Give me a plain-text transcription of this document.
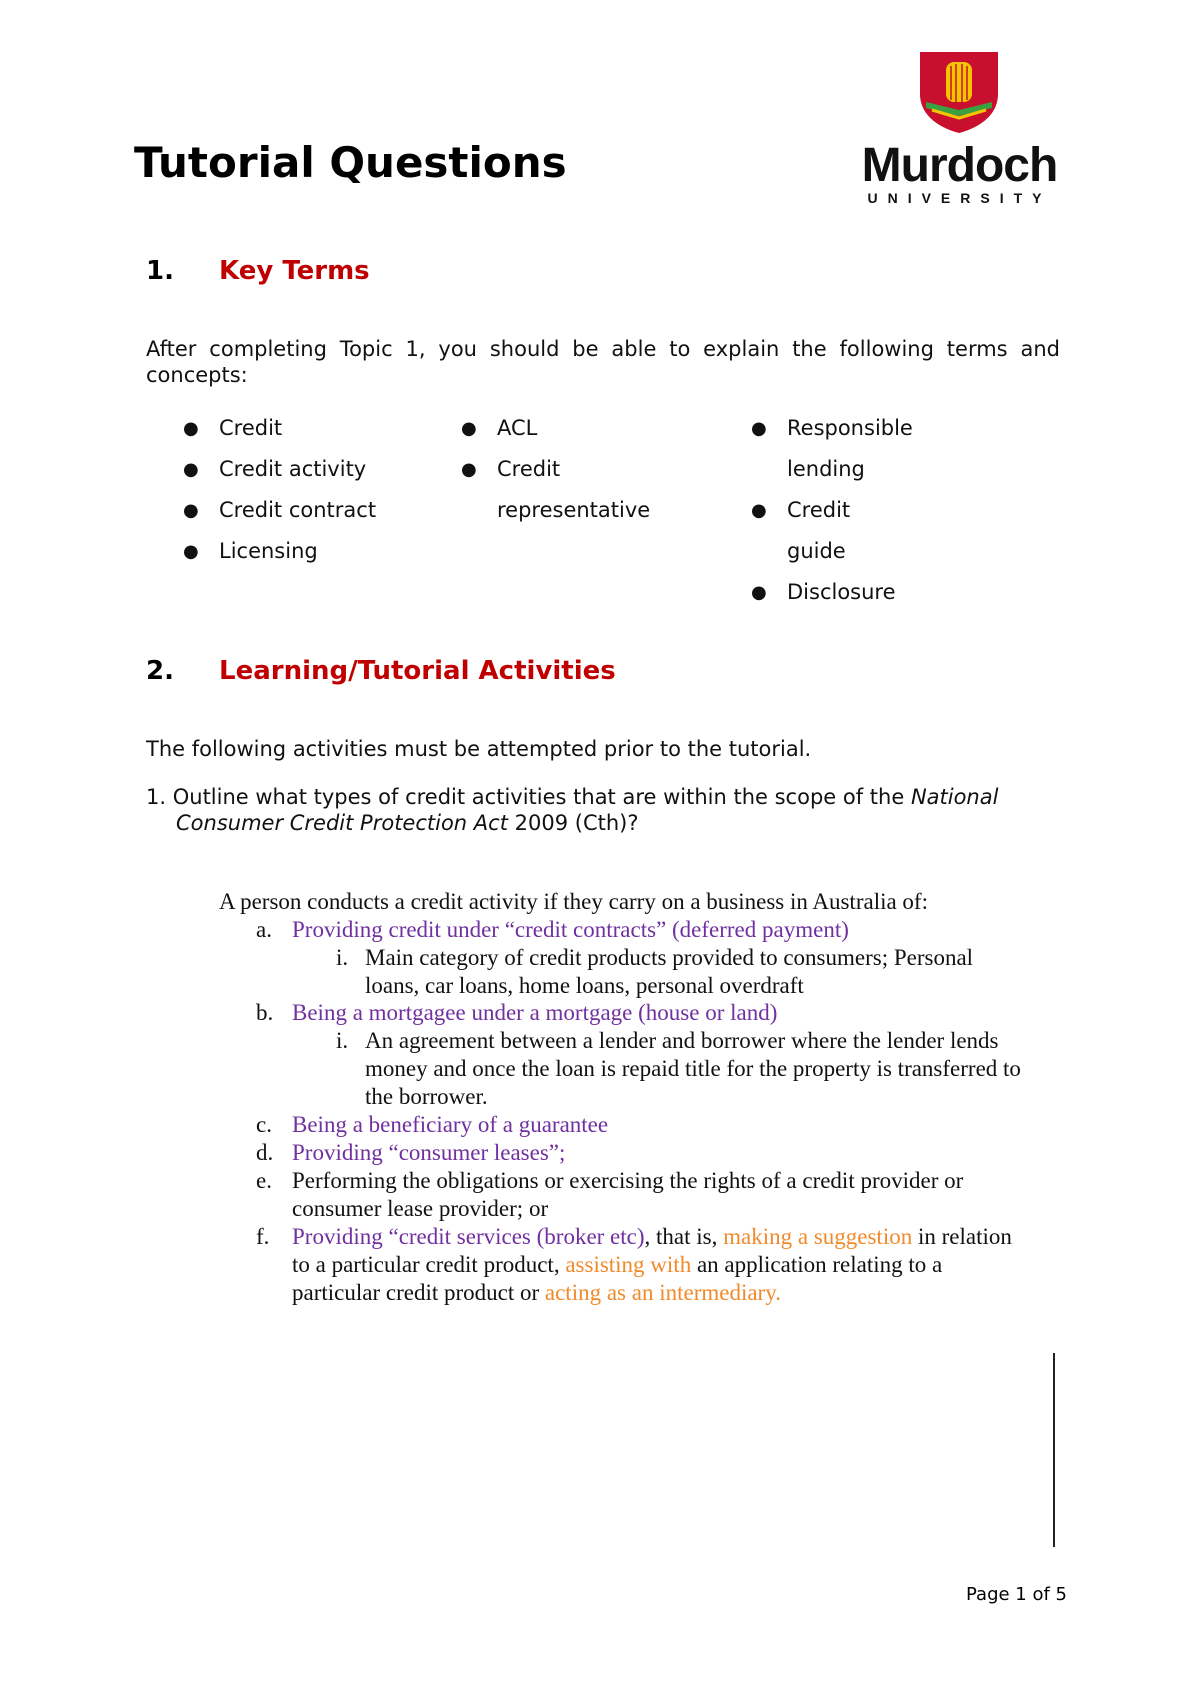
Tutorial Questions	Murdoch
UNIVERSITY
1. Key Terms
After completing Topic 1, you should be able to explain the following terms and concepts:
● Credit
● Credit activity
● Credit contract
● Licensing
● ACL
● Credit
representative
● Responsible
lending
● Credit
guide
● Disclosure
2. Learning/Tutorial Activities
The following activities must be attempted prior to the tutorial.
1. Outline what types of credit activities that are within the scope of the National
Consumer Credit Protection Act 2009 (Cth)?
A person conducts a credit activity if they carry on a business in Australia of:
a. Providing credit under “credit contracts” (deferred payment)
i. Main category of credit products provided to consumers; Personal
loans, car loans, home loans, personal overdraft
b. Being a mortgagee under a mortgage (house or land)
i. An agreement between a lender and borrower where the lender lends
money and once the loan is repaid title for the property is transferred to
the borrower.
c. Being a beneficiary of a guarantee
d. Providing “consumer leases”;
e. Performing the obligations or exercising the rights of a credit provider or
consumer lease provider; or
f. Providing “credit services (broker etc), that is, making a suggestion in relation
to a particular credit product, assisting with an application relating to a
particular credit product or acting as an intermediary.
Page 1 of 5
